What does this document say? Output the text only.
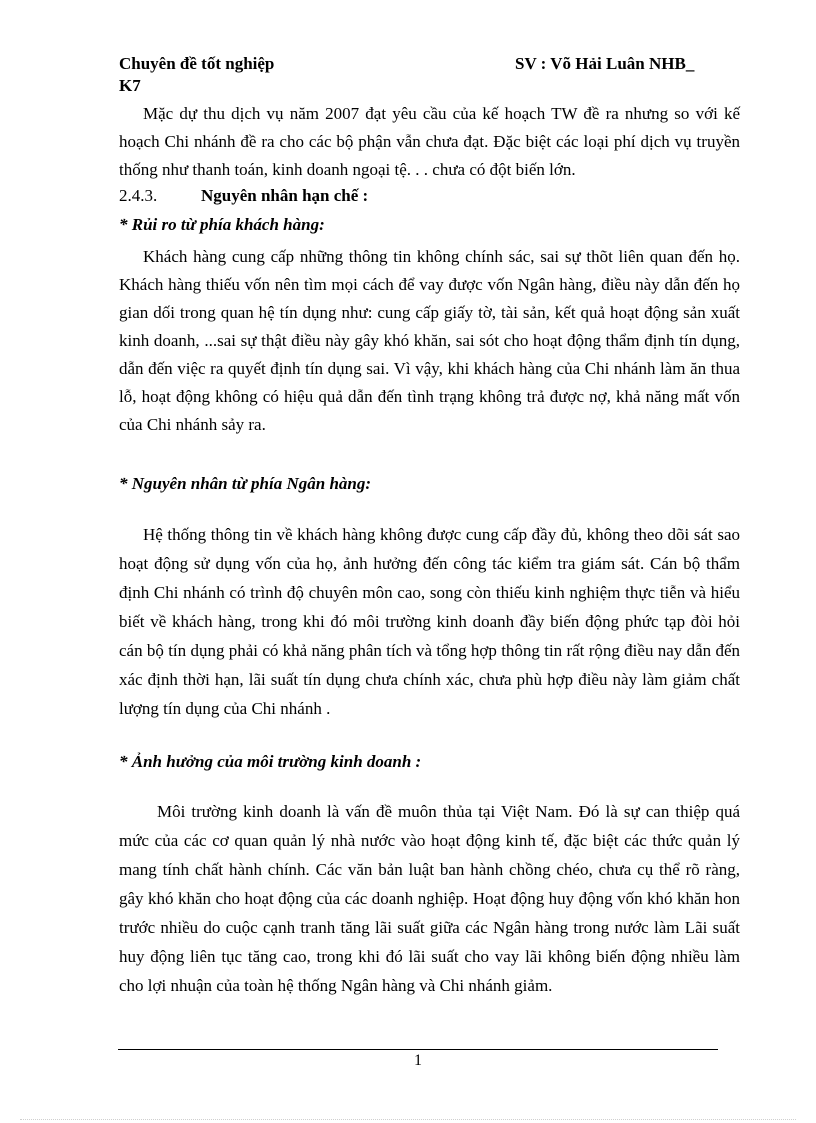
Chuyên đề tốt nghiệp	SV : Võ Hải Luân NHB_
K7

Mặc dự thu dịch vụ năm 2007 đạt yêu cầu của kế hoạch TW đề ra nhưng so với kế hoạch Chi nhánh đề ra cho các bộ phận vẫn chưa đạt. Đặc biệt các loại phí dịch vụ truyền thống như thanh toán, kinh doanh ngoại tệ. . . chưa có đột biến lớn.

2.4.3.	Nguyên nhân hạn chế :
* Rủi ro từ phía khách hàng:

Khách hàng cung cấp những thông tin không chính sác, sai sự thõt liên quan đến họ. Khách hàng thiếu vốn nên tìm mọi cách để vay được vốn Ngân hàng, điều này dẫn đến họ gian dối trong quan hệ tín dụng như: cung cấp giấy tờ, tài sản, kết quả hoạt động sản xuất kinh doanh, ...sai sự thật điều này gây khó khăn, sai sót cho hoạt động thẩm định tín dụng, dẫn đến việc ra quyết định tín dụng sai. Vì vậy, khi khách hàng của Chi nhánh làm ăn thua lỗ, hoạt động không có hiệu quả dẫn đến tình trạng không trả được nợ, khả năng mất vốn của Chi nhánh sảy ra.

* Nguyên nhân từ phía Ngân hàng:

Hệ thống thông tin về khách hàng không được cung cấp đầy đủ, không theo dõi sát sao hoạt động sử dụng vốn của họ, ảnh hưởng đến công tác kiểm tra giám sát. Cán bộ thẩm định Chi nhánh có trình độ chuyên môn cao, song còn thiếu kinh nghiệm thực tiễn và hiểu biết về khách hàng, trong khi đó môi trường kinh doanh đầy biến động phức tạp đòi hỏi cán bộ tín dụng phải có khả năng phân tích và tổng hợp thông tin rất rộng điều nay dẫn đến xác định thời hạn, lãi suất tín dụng chưa chính xác, chưa phù hợp điều này làm giảm chất lượng tín dụng của Chi nhánh .

* Ảnh hưởng của môi trường kinh doanh :

Môi trường kinh doanh là vấn đề muôn thủa tại Việt Nam. Đó là sự can thiệp quá mức của các cơ quan quản lý nhà nước vào hoạt động kinh tế, đặc biệt các thức quản lý mang tính chất hành chính. Các văn bản luật ban hành chồng chéo, chưa cụ thể rõ ràng, gây khó khăn cho hoạt động của các doanh nghiệp. Hoạt động huy động vốn khó khăn hon trước nhiều do cuộc cạnh tranh tăng lãi suất giữa các Ngân hàng trong nước làm Lãi suất huy động liên tục tăng cao, trong khi đó lãi suất cho vay lãi không biến động nhiều làm cho lợi nhuận của toàn hệ thống Ngân hàng và Chi nhánh giảm.

1
